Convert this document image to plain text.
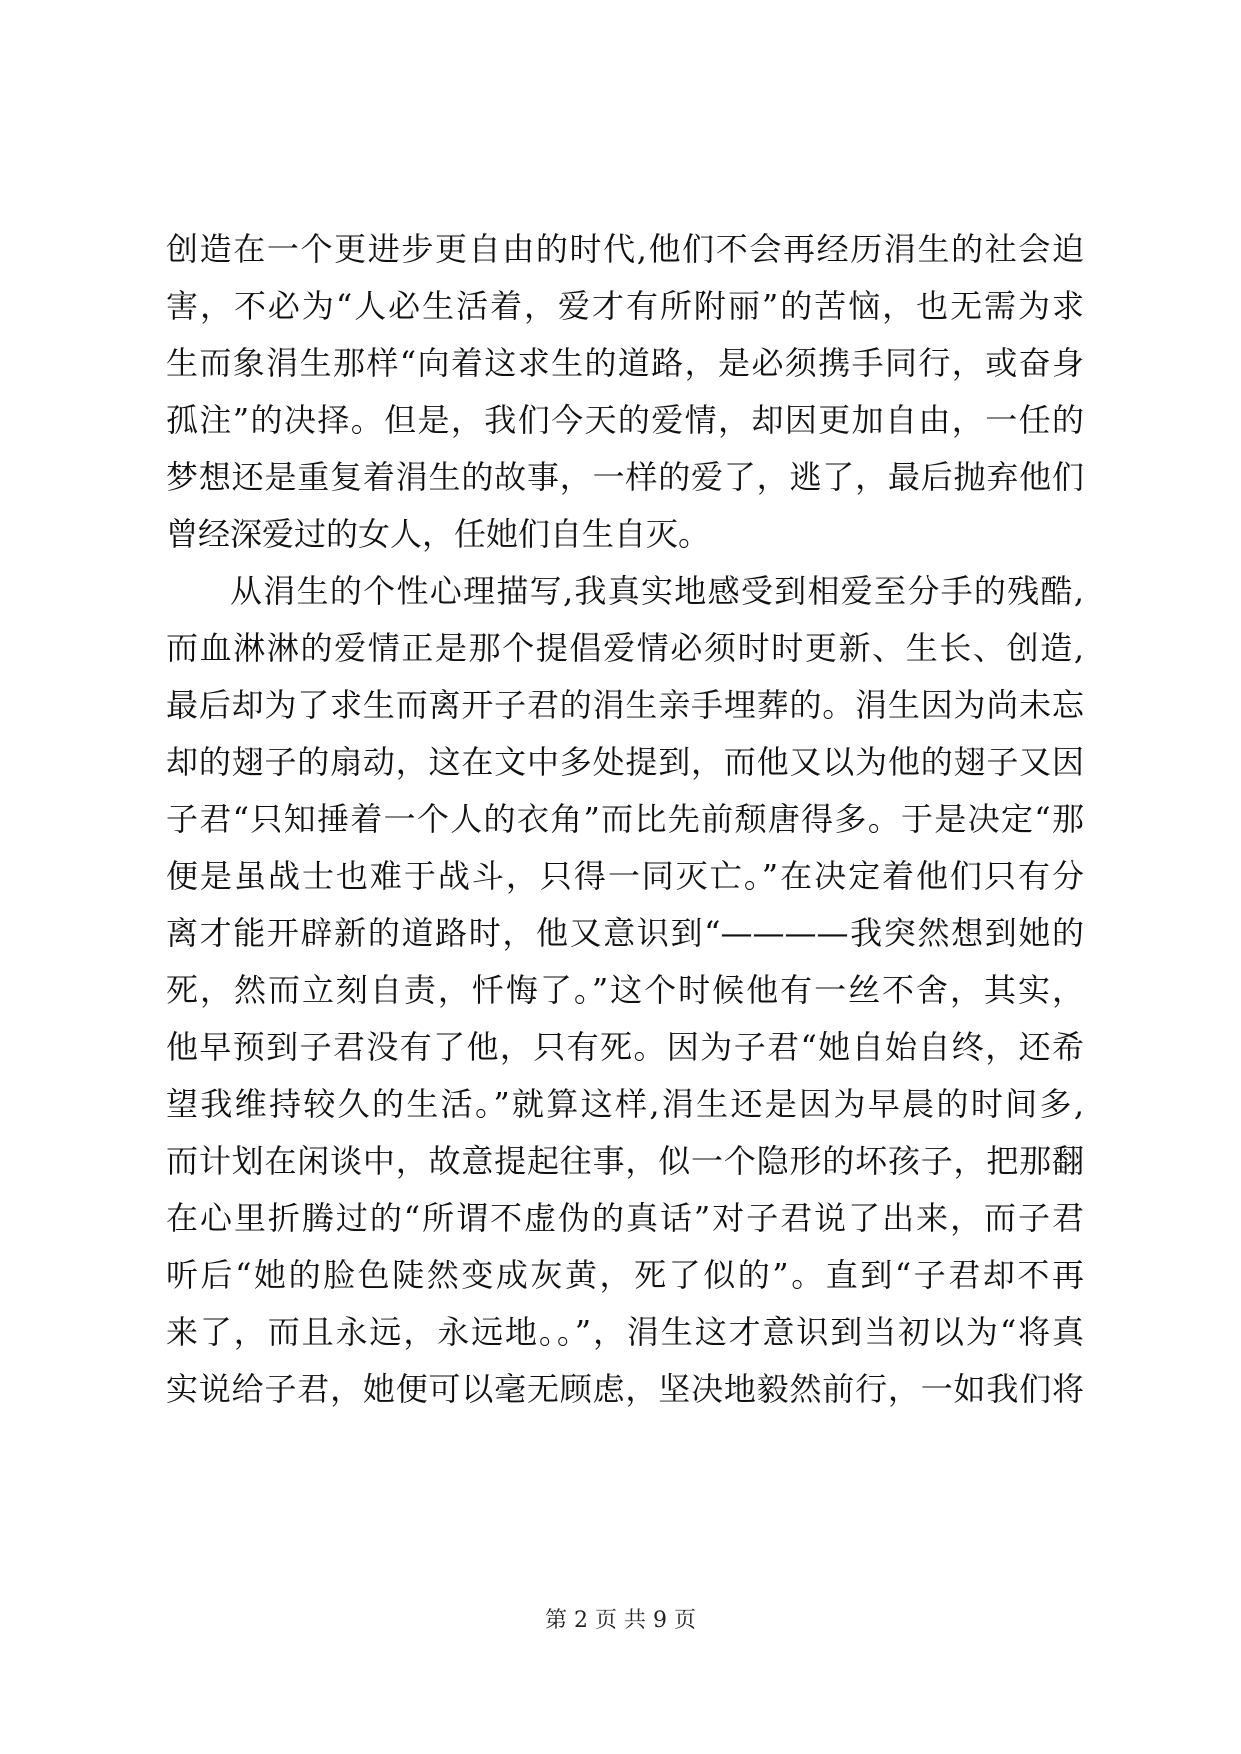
创造在一个更进步更自由的时代,他们不会再经历涓生的社会迫
害，不必为“人必生活着，爱才有所附丽”的苦恼，也无需为求
生而象涓生那样“向着这求生的道路，是必须携手同行，或奋身
孤注”的决择。但是，我们今天的爱情，却因更加自由，一任的
梦想还是重复着涓生的故事，一样的爱了，逃了，最后抛弃他们
曾经深爱过的女人，任她们自生自灭。
从涓生的个性心理描写,我真实地感受到相爱至分手的残酷,
而血淋淋的爱情正是那个提倡爱情必须时时更新、生长、创造,
最后却为了求生而离开子君的涓生亲手埋葬的。涓生因为尚未忘
却的翅子的扇动，这在文中多处提到，而他又以为他的翅子又因
子君“只知捶着一个人的衣角”而比先前颓唐得多。于是决定“那
便是虽战士也难于战斗，只得一同灭亡。”在决定着他们只有分
离才能开辟新的道路时，他又意识到“————我突然想到她的
死，然而立刻自责，忏悔了。”这个时候他有一丝不舍，其实，
他早预到子君没有了他，只有死。因为子君“她自始自终，还希
望我维持较久的生活。”就算这样,涓生还是因为早晨的时间多,
而计划在闲谈中，故意提起往事，似一个隐形的坏孩子，把那翻
在心里折腾过的“所谓不虚伪的真话”对子君说了出来，而子君
听后“她的脸色陡然变成灰黄，死了似的”。直到“子君却不再
来了，而且永远，永远地。。”，涓生这才意识到当初以为“将真
实说给子君，她便可以毫无顾虑，坚决地毅然前行，一如我们将
第 2 页 共 9 页
